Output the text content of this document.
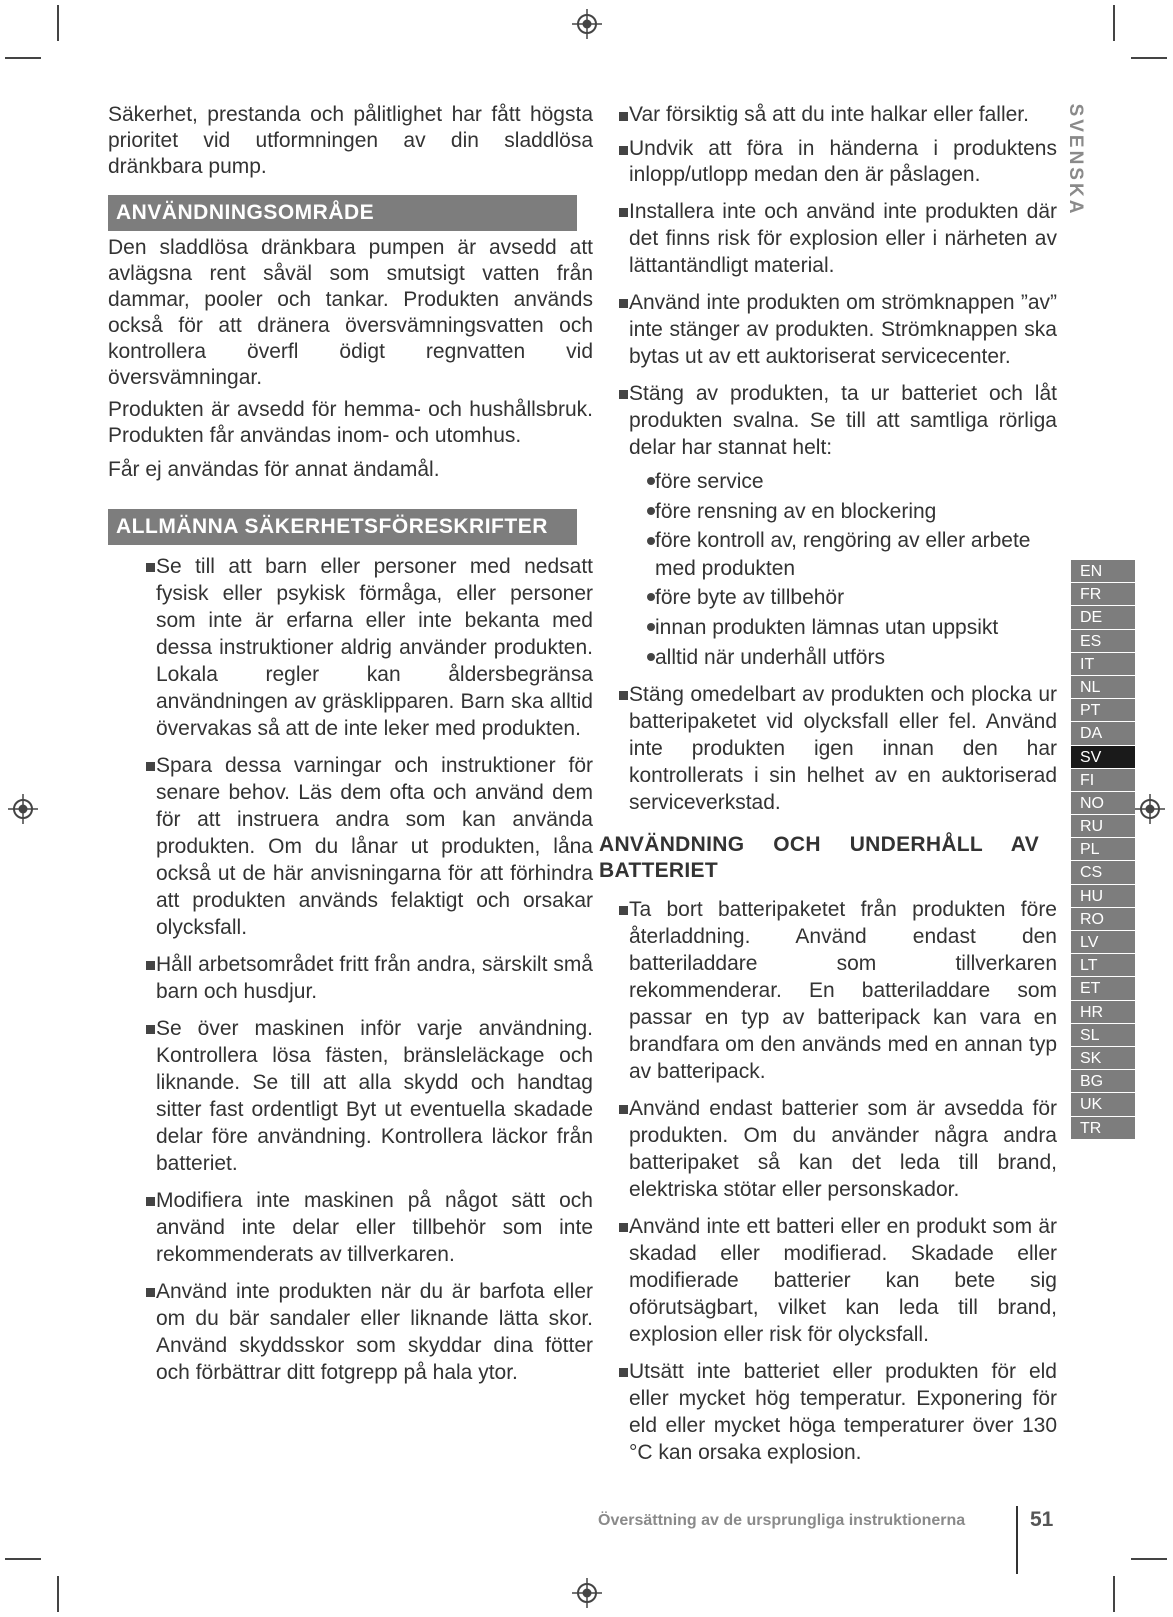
SVENSKA

Säkerhet, prestanda och pålitlighet har fått högsta prioritet vid utformningen av din sladdlösa dränkbara pump.

ANVÄNDNINGSOMRÅDE

Den sladdlösa dränkbara pumpen är avsedd att avlägsna rent såväl som smutsigt vatten från dammar, pooler och tankar. Produkten används också för att dränera översvämningsvatten och kontrollera överfl ödigt regnvatten vid översvämningar.

Produkten är avsedd för hemma- och hushållsbruk. Produkten får användas inom- och utomhus.

Får ej användas för annat ändamål.

ALLMÄNNA SÄKERHETSFÖRESKRIFTER
Se till att barn eller personer med nedsatt fysisk eller psykisk förmåga, eller personer som inte är erfarna eller inte bekanta med dessa instruktioner aldrig använder produkten. Lokala regler kan åldersbegränsa användningen av gräsklipparen. Barn ska alltid övervakas så att de inte leker med produkten.
Spara dessa varningar och instruktioner för senare behov. Läs dem ofta och använd dem för att instruera andra som kan använda produkten. Om du lånar ut produkten, låna också ut de här anvisningarna för att förhindra att produkten används felaktigt och orsakar olycksfall.
Håll arbetsområdet fritt från andra, särskilt små barn och husdjur.
Se över maskinen inför varje användning. Kontrollera lösa fästen, bränsleläckage och liknande. Se till att alla skydd och handtag sitter fast ordentligt Byt ut eventuella skadade delar före användning. Kontrollera läckor från batteriet.
Modifiera inte maskinen på något sätt och använd inte delar eller tillbehör som inte rekommenderats av tillverkaren.
Använd inte produkten när du är barfota eller om du bär sandaler eller liknande lätta skor. Använd skyddsskor som skyddar dina fötter och förbättrar ditt fotgrepp på hala ytor.
Var försiktig så att du inte halkar eller faller.
Undvik att föra in händerna i produktens inlopp/utlopp medan den är påslagen.
Installera inte och använd inte produkten där det finns risk för explosion eller i närheten av lättantändligt material.
Använd inte produkten om strömknappen ”av” inte stänger av produkten. Strömknappen ska bytas ut av ett auktoriserat servicecenter.
Stäng av produkten, ta ur batteriet och låt produkten svalna. Se till att samtliga rörliga delar har stannat helt:

före service

före rensning av en blockering

före kontroll av, rengöring av eller arbete med produkten

före byte av tillbehör

innan produkten lämnas utan uppsikt

alltid när underhåll utförs

Stäng omedelbart av produkten och plocka ur batteripaketet vid olycksfall eller fel. Använd inte produkten igen innan den har kontrollerats i sin helhet av en auktoriserad serviceverkstad.

ANVÄNDNING OCH UNDERHÅLL AV BATTERIET

Ta bort batteripaketet från produkten före återladdning. Använd endast den batteriladdare som tillverkaren rekommenderar. En batteriladdare som passar en typ av batteripack kan vara en brandfara om den används med en annan typ av batteripack.
Använd endast batterier som är avsedda för produkten. Om du använder några andra batteripaket så kan det leda till brand, elektriska stötar eller personskador.
Använd inte ett batteri eller en produkt som är skadad eller modifierad. Skadade eller modifierade batterier kan bete sig oförutsägbart, vilket kan leda till brand, explosion eller risk för olycksfall.
Utsätt inte batteriet eller produkten för eld eller mycket hög temperatur. Exponering för eld eller mycket höga temperaturer över 130 °C kan orsaka explosion.
EN
FR
DE
ES
IT
NL
PT
DA
SV
FI
NO
RU
PL
CS
HU
RO
LV
LT
ET
HR
SL
SK
BG
UK
TR
Översättning av de ursprungliga instruktionerna	51
